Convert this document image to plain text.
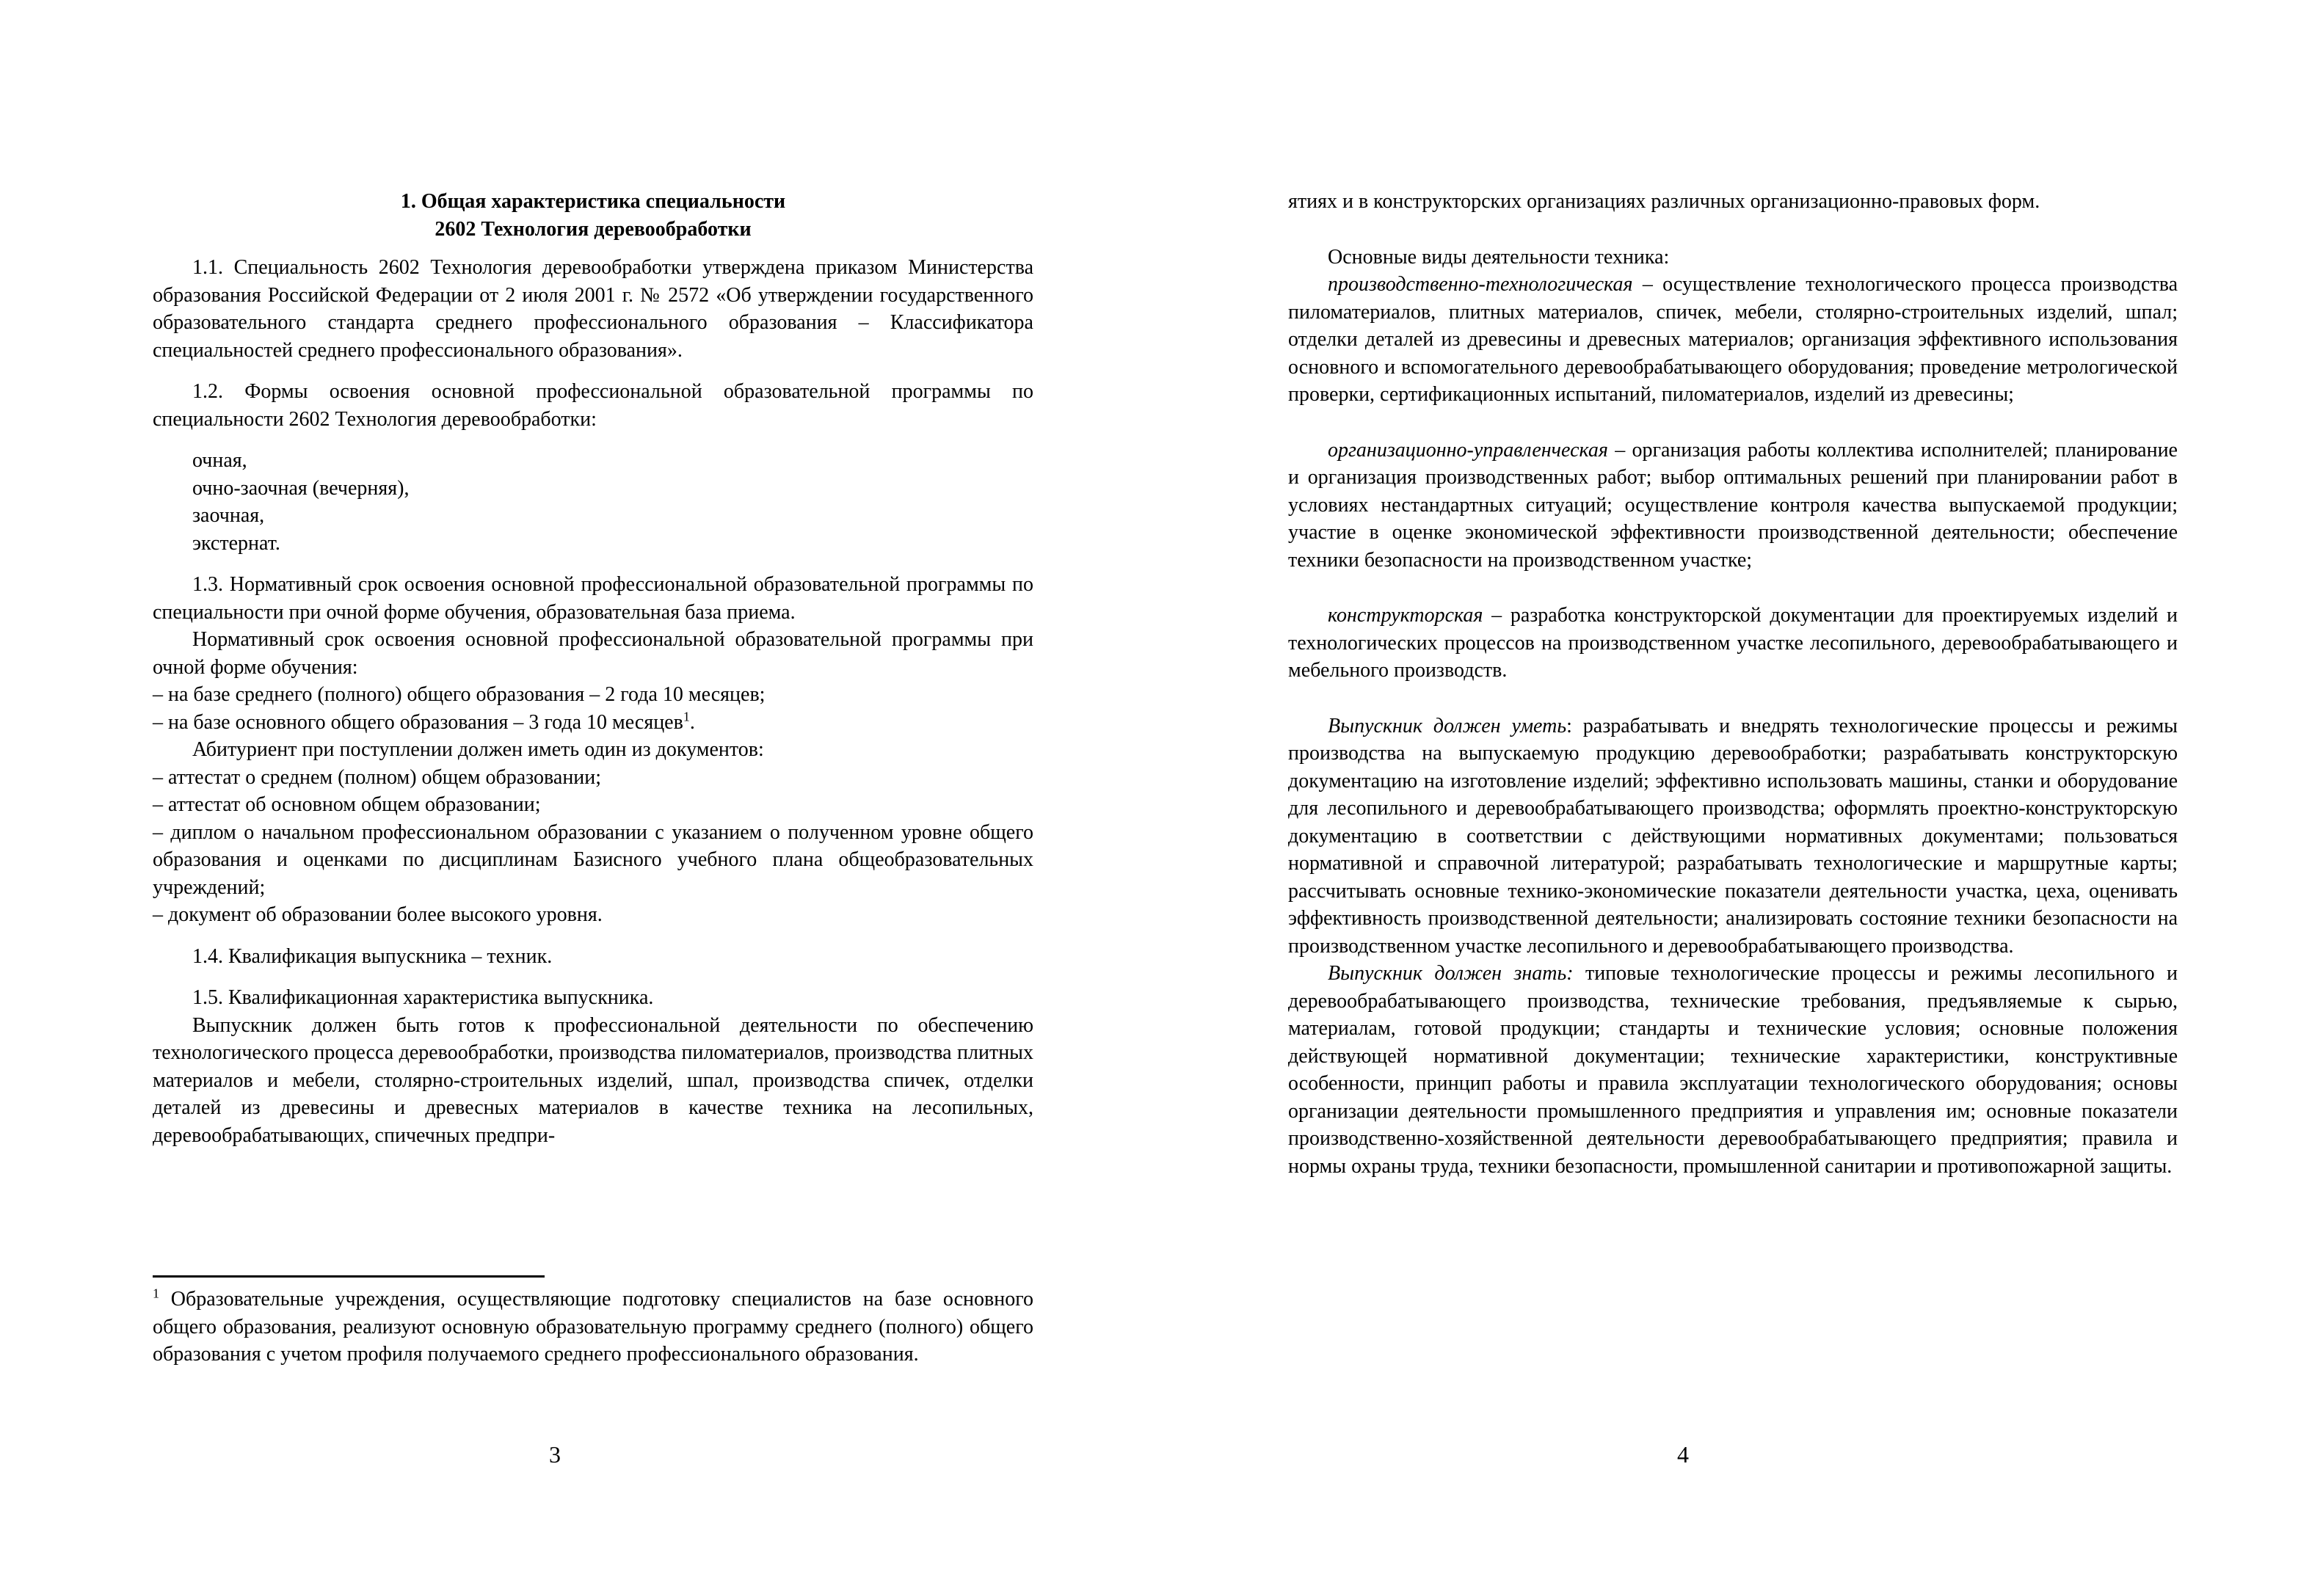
1. Общая характеристика специальности
2602 Технология деревообработки

1.1. Специальность 2602 Технология деревообработки утверждена приказом Министерства образования Российской Федерации от 2 июля 2001 г. № 2572 «Об утверждении государственного образовательного стандарта среднего профессионального образования – Классификатора специальностей среднего профессионального образования».

1.2. Формы освоения основной профессиональной образовательной программы по специальности 2602 Технология деревообработки:

очная,
очно-заочная (вечерняя),
заочная,
экстернат.

1.3. Нормативный срок освоения основной профессиональной образовательной программы по специальности при очной форме обучения, образовательная база приема.

Нормативный срок освоения основной профессиональной образовательной программы при очной форме обучения:

– на базе среднего (полного) общего образования – 2 года 10 месяцев;

– на базе основного общего образования – 3 года 10 месяцев$^1$.

Абитуриент при поступлении должен иметь один из документов:

– аттестат о среднем (полном) общем образовании;

– аттестат об основном общем образовании;

– диплом о начальном профессиональном образовании с указанием о полученном уровне общего образования и оценками по дисциплинам Базисного учебного плана общеобразовательных учреждений;

– документ об образовании более высокого уровня.

1.4. Квалификация выпускника – техник.

1.5. Квалификационная характеристика выпускника.

Выпускник должен быть готов к профессиональной деятельности по обеспечению технологического процесса деревообработки, производства пиломатериалов, производства плитных материалов и мебели, столярно-строительных изделий, шпал, производства спичек, отделки деталей из древесины и древесных материалов в качестве техника на лесопильных, деревообрабатывающих, спичечных предпри-

$^1$ Образовательные учреждения, осуществляющие подготовку специалистов на базе основного общего образования, реализуют основную образовательную программу среднего (полного) общего образования с учетом профиля получаемого среднего профессионального образования.
3

ятиях и в конструкторских организациях различных организационно-правовых форм.

Основные виды деятельности техника:

производственно-технологическая – осуществление технологического процесса производства пиломатериалов, плитных материалов, спичек, мебели, столярно-строительных изделий, шпал; отделки деталей из древесины и древесных материалов; организация эффективного использования основного и вспомогательного деревообрабатывающего оборудования; проведение метрологической проверки, сертификационных испытаний, пиломатериалов, изделий из древесины;

организационно-управленческая – организация работы коллектива исполнителей; планирование и организация производственных работ; выбор оптимальных решений при планировании работ в условиях нестандартных ситуаций; осуществление контроля качества выпускаемой продукции; участие в оценке экономической эффективности производственной деятельности; обеспечение техники безопасности на производственном участке;

конструкторская – разработка конструкторской документации для проектируемых изделий и технологических процессов на производственном участке лесопильного, деревообрабатывающего и мебельного производств.

Выпускник должен уметь: разрабатывать и внедрять технологические процессы и режимы производства на выпускаемую продукцию деревообработки; разрабатывать конструкторскую документацию на изготовление изделий; эффективно использовать машины, станки и оборудование для лесопильного и деревообрабатывающего производства; оформлять проектно-конструкторскую документацию в соответствии с действующими нормативных документами; пользоваться нормативной и справочной литературой; разрабатывать технологические и маршрутные карты; рассчитывать основные технико-экономические показатели деятельности участка, цеха, оценивать эффективность производственной деятельности; анализировать состояние техники безопасности на производственном участке лесопильного и деревообрабатывающего производства.

Выпускник должен знать: типовые технологические процессы и режимы лесопильного и деревообрабатывающего производства, технические требования, предъявляемые к сырью, материалам, готовой продукции; стандарты и технические условия; основные положения действующей нормативной документации; технические характеристики, конструктивные особенности, принцип работы и правила эксплуатации технологического оборудования; основы организации деятельности промышленного предприятия и управления им; основные показатели производственно-хозяйственной деятельности деревообрабатывающего предприятия; правила и нормы охраны труда, техники безопасности, промышленной санитарии и противопожарной защиты.

4
